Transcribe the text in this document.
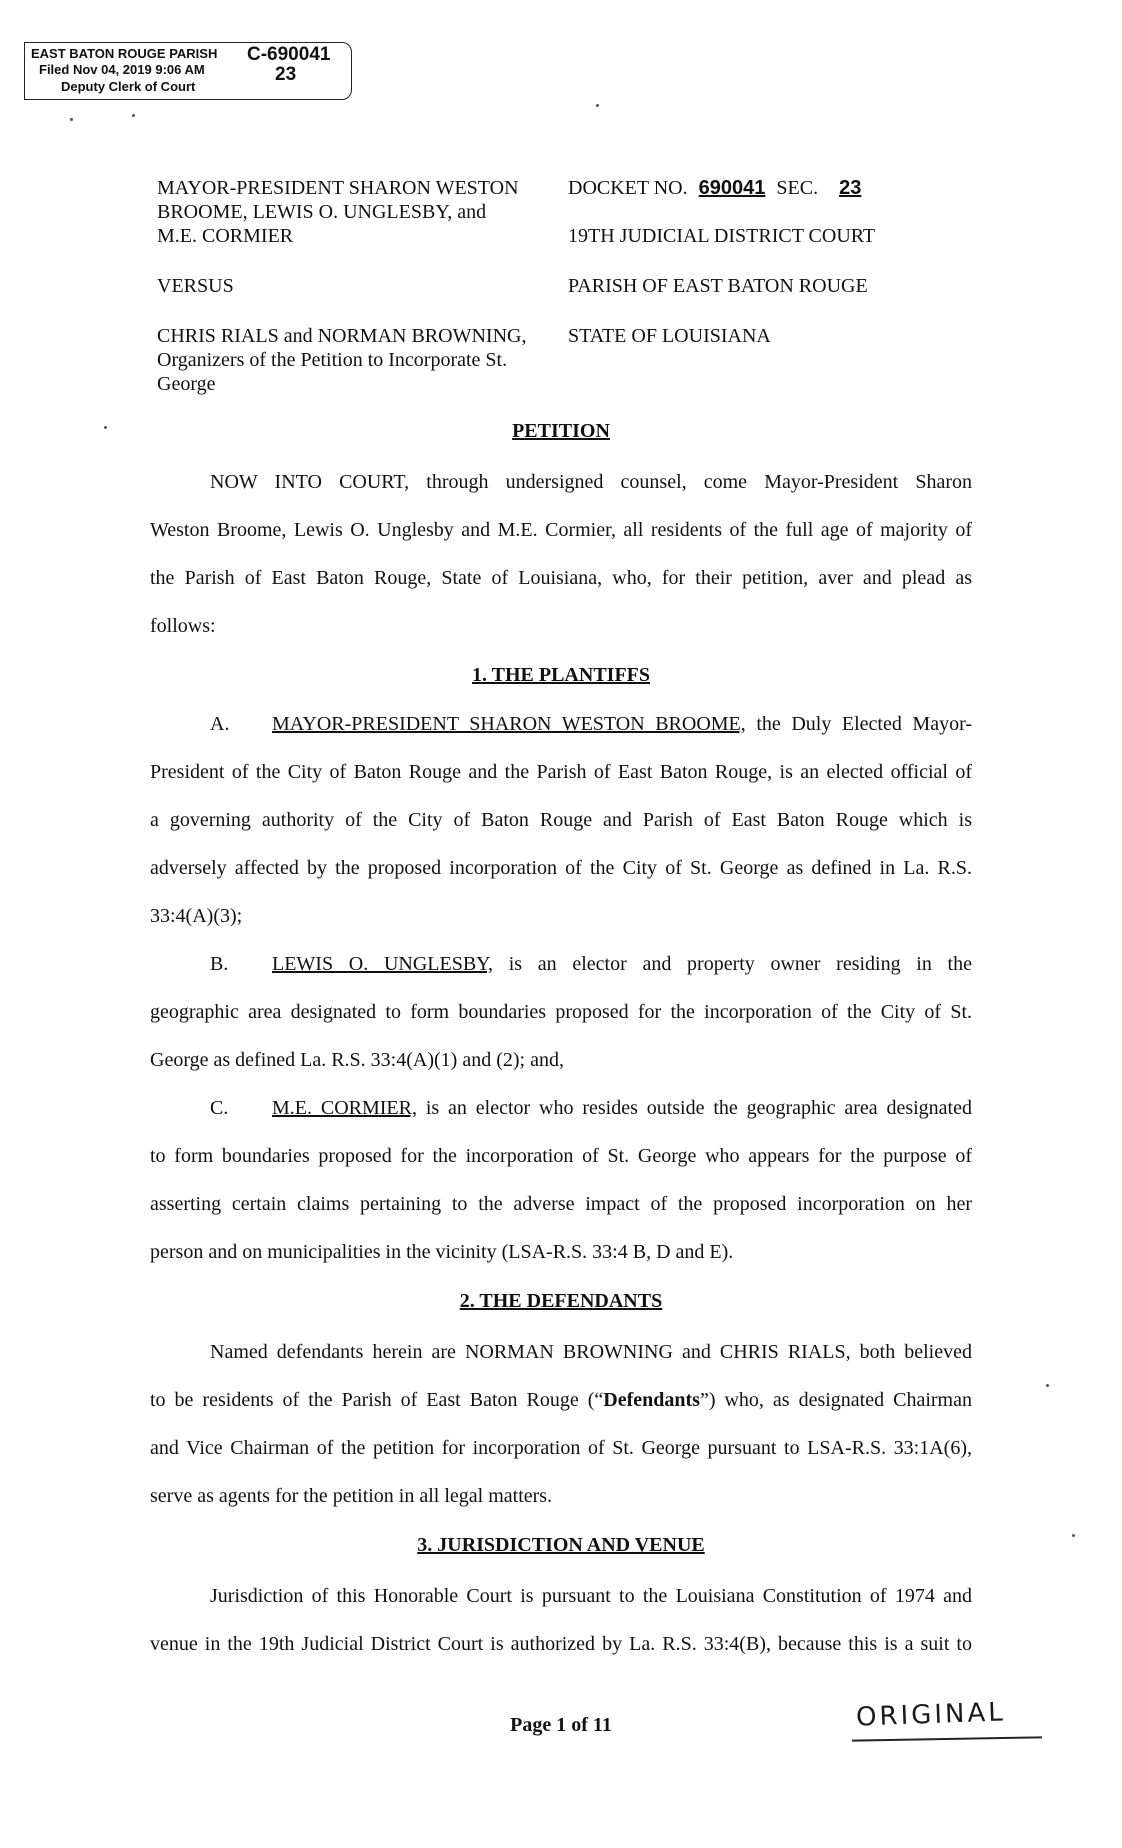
EAST BATON ROUGE PARISH
Filed Nov 04, 2019 9:06 AM
C-690041
23
Deputy Clerk of Court
MAYOR-PRESIDENT SHARON WESTON
BROOME, LEWIS O. UNGLESBY, and
M.E. CORMIER
VERSUS
CHRIS RIALS and NORMAN BROWNING,
Organizers of the Petition to Incorporate St.
George
DOCKET NO. 690041 SEC. 23
19TH JUDICIAL DISTRICT COURT
PARISH OF EAST BATON ROUGE
STATE OF LOUISIANA
PETITION
NOW INTO COURT, through undersigned counsel, come Mayor-President Sharon
Weston Broome, Lewis O. Unglesby and M.E. Cormier, all residents of the full age of majority of
the Parish of East Baton Rouge, State of Louisiana, who, for their petition, aver and plead as
follows:
1. THE PLANTIFFS
A. MAYOR-PRESIDENT SHARON WESTON BROOME, the Duly Elected Mayor-
President of the City of Baton Rouge and the Parish of East Baton Rouge, is an elected official of
a governing authority of the City of Baton Rouge and Parish of East Baton Rouge which is
adversely affected by the proposed incorporation of the City of St. George as defined in La. R.S.
33:4(A)(3);
B. LEWIS O. UNGLESBY, is an elector and property owner residing in the
geographic area designated to form boundaries proposed for the incorporation of the City of St.
George as defined La. R.S. 33:4(A)(1) and (2); and,
C. M.E. CORMIER, is an elector who resides outside the geographic area designated
to form boundaries proposed for the incorporation of St. George who appears for the purpose of
asserting certain claims pertaining to the adverse impact of the proposed incorporation on her
person and on municipalities in the vicinity (LSA-R.S. 33:4 B, D and E).
2. THE DEFENDANTS
Named defendants herein are NORMAN BROWNING and CHRIS RIALS, both believed
to be residents of the Parish of East Baton Rouge (“Defendants”) who, as designated Chairman
and Vice Chairman of the petition for incorporation of St. George pursuant to LSA-R.S. 33:1A(6),
serve as agents for the petition in all legal matters.
3. JURISDICTION AND VENUE
Jurisdiction of this Honorable Court is pursuant to the Louisiana Constitution of 1974 and
venue in the 19th Judicial District Court is authorized by La. R.S. 33:4(B), because this is a suit to
Page 1 of 11	ORIGINAL
